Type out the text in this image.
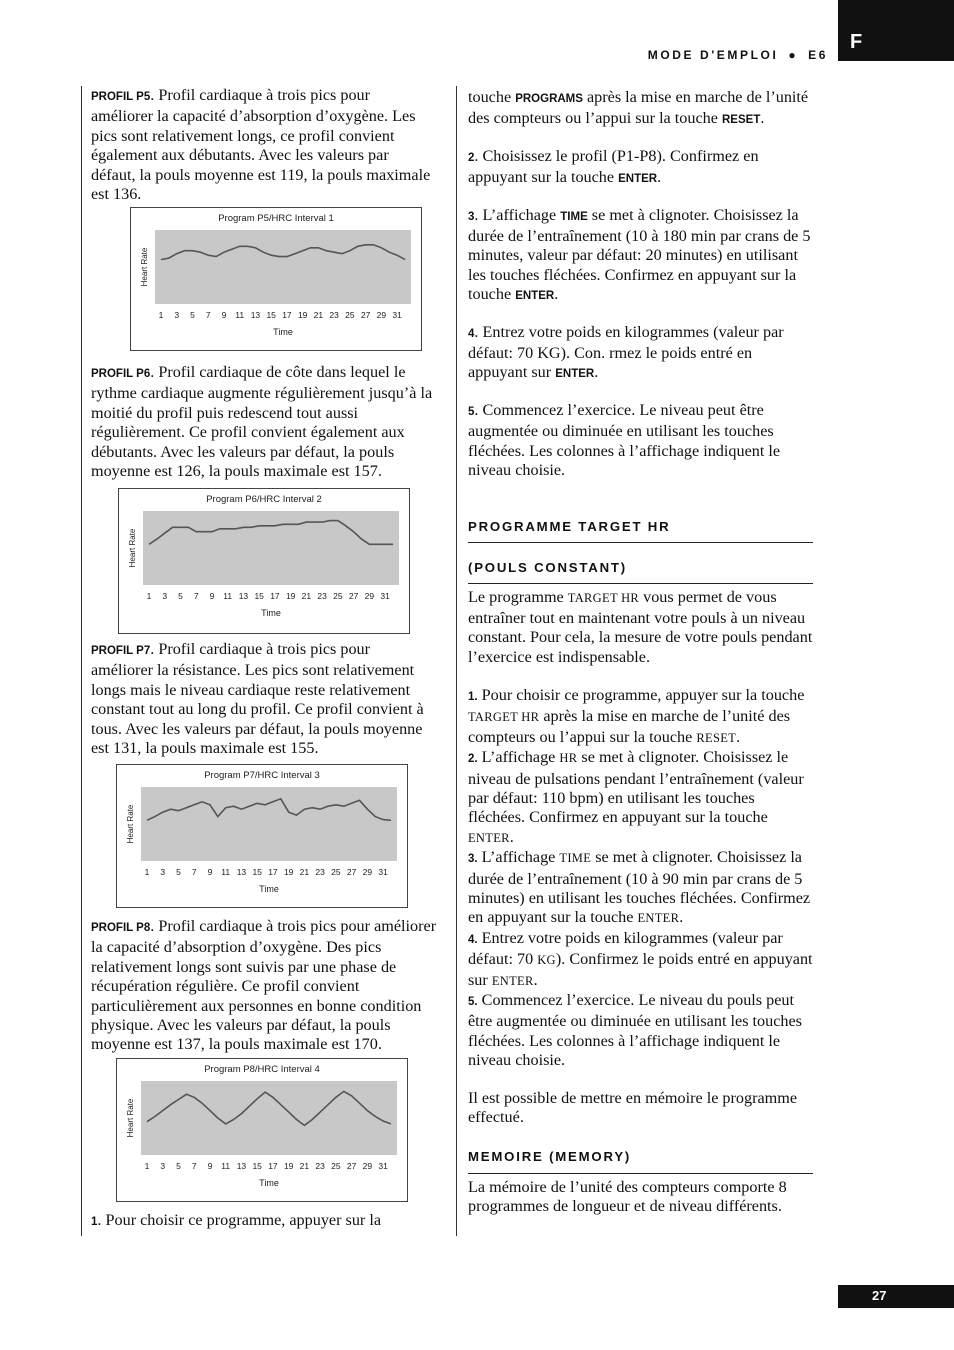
MODE D'EMPLOI ● E6
F
27

PROFIL P5. Profil cardiaque à trois pics pour améliorer la capacité d’absorption d’oxygène. Les pics sont relativement longs, ce profil convient également aux débutants. Avec les valeurs par défaut, la pouls moyenne est 119, la pouls maximale est 136.

Program P5/HRC Interval 1
Heart Rate
1 3 5 7 9 11 13 15 17 19 21 23 25 27 29 31
Time

PROFIL P6. Profil cardiaque de côte dans lequel le rythme cardiaque augmente régulièrement jusqu’à la moitié du profil puis redescend tout aussi régulièrement. Ce profil convient également aux débutants. Avec les valeurs par défaut, la pouls moyenne est 126, la pouls maximale est 157.

Program P6/HRC Interval 2
Heart Rate
1 3 5 7 9 11 13 15 17 19 21 23 25 27 29 31
Time

PROFIL P7. Profil cardiaque à trois pics pour améliorer la résistance. Les pics sont relativement longs mais le niveau cardiaque reste relativement constant tout au long du profil. Ce profil convient à tous. Avec les valeurs par défaut, la pouls moyenne est 131, la pouls maximale est 155.

Program P7/HRC Interval 3
Heart Rate
1 3 5 7 9 11 13 15 17 19 21 23 25 27 29 31
Time

PROFIL P8. Profil cardiaque à trois pics pour améliorer la capacité d’absorption d’oxygène. Des pics relativement longs sont suivis par une phase de récupération régulière. Ce profil convient particulièrement aux personnes en bonne condition physique. Avec les valeurs par défaut, la pouls moyenne est 137, la pouls maximale est 170.

Program P8/HRC Interval 4
Heart Rate
1 3 5 7 9 11 13 15 17 19 21 23 25 27 29 31
Time

1. Pour choisir ce programme, appuyer sur la

touche PROGRAMS après la mise en marche de l’unité des compteurs ou l’appui sur la touche RESET.

2. Choisissez le profil (P1-P8). Confirmez en appuyant sur la touche ENTER.

3. L’affichage TIME se met à clignoter. Choisissez la durée de l’entraînement (10 à 180 min par crans de 5 minutes, valeur par défaut: 20 minutes) en utilisant les touches fléchées. Confirmez en appuyant sur la touche ENTER.

4. Entrez votre poids en kilogrammes (valeur par défaut: 70 KG). Con. rmez le poids entré en appuyant sur ENTER.

5. Commencez l’exercice. Le niveau peut être augmentée ou diminuée en utilisant les touches fléchées. Les colonnes à l’affichage indiquent le niveau choisie.

PROGRAMME TARGET HR
(POULS CONSTANT)

Le programme TARGET HR vous permet de vous entraîner tout en maintenant votre pouls à un niveau constant. Pour cela, la mesure de votre pouls pendant l’exercice est indispensable.

1. Pour choisir ce programme, appuyer sur la touche TARGET HR après la mise en marche de l’unité des compteurs ou l’appui sur la touche RESET.

2. L’affichage HR se met à clignoter. Choisissez le niveau de pulsations pendant l’entraînement (valeur par défaut: 110 bpm) en utilisant les touches fléchées. Confirmez en appuyant sur la touche ENTER.

3. L’affichage TIME se met à clignoter. Choisissez la durée de l’entraînement (10 à 90 min par crans de 5 minutes) en utilisant les touches fléchées. Confirmez en appuyant sur la touche ENTER.

4. Entrez votre poids en kilogrammes (valeur par défaut: 70 KG). Confirmez le poids entré en appuyant sur ENTER.

5. Commencez l’exercice. Le niveau du pouls peut être augmentée ou diminuée en utilisant les touches fléchées. Les colonnes à l’affichage indiquent le niveau choisie.

Il est possible de mettre en mémoire le programme effectué.

MEMOIRE (MEMORY)

La mémoire de l’unité des compteurs comporte 8 programmes de longueur et de niveau différents.
